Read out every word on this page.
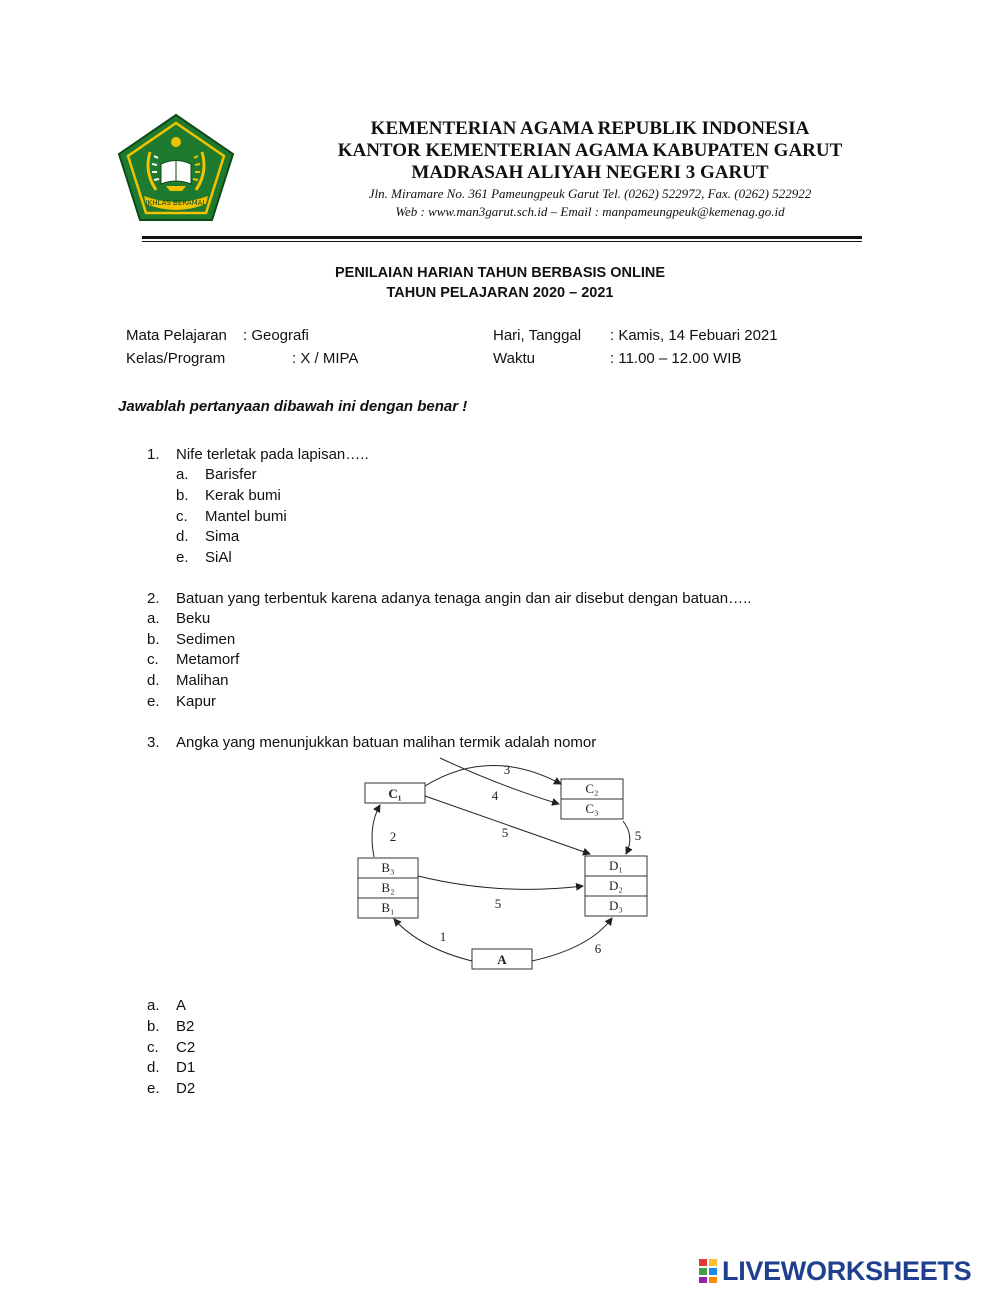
IKHLAS BERAMAL
KEMENTERIAN AGAMA REPUBLIK INDONESIA
KANTOR KEMENTERIAN AGAMA KABUPATEN GARUT
MADRASAH ALIYAH NEGERI 3 GARUT
Jln. Miramare No. 361 Pameungpeuk Garut Tel. (0262) 522972, Fax. (0262) 522922
Web : www.man3garut.sch.id – Email : manpameungpeuk@kemenag.go.id
PENILAIAN HARIAN TAHUN BERBASIS ONLINE
TAHUN PELAJARAN 2020 – 2021
Mata Pelajaran : Geografi
Kelas/Program	: X / MIPA
Hari, Tanggal : Kamis, 14 Febuari 2021
Waktu	: 11.00 – 12.00 WIB
Jawablah pertanyaan dibawah ini dengan benar !
1. Nife terletak pada lapisan…..
a. Barisfer
b. Kerak bumi
c. Mantel bumi
d. Sima
e. SiAl
2. Batuan yang terbentuk karena adanya tenaga angin dan air disebut dengan batuan…..
a. Beku
b. Sedimen
c. Metamorf
d. Malihan
e. Kapur
3. Angka yang menunjukkan batuan malihan termik adalah nomor
C₁	C₂
C₃
B₃
B₂
B₁
D₁
D₂
D₃
A
3
4
5	5
2
5
1
6
a. A
b. B2
c. C2
d. D1
e. D2
LIVEWORKSHEETS
